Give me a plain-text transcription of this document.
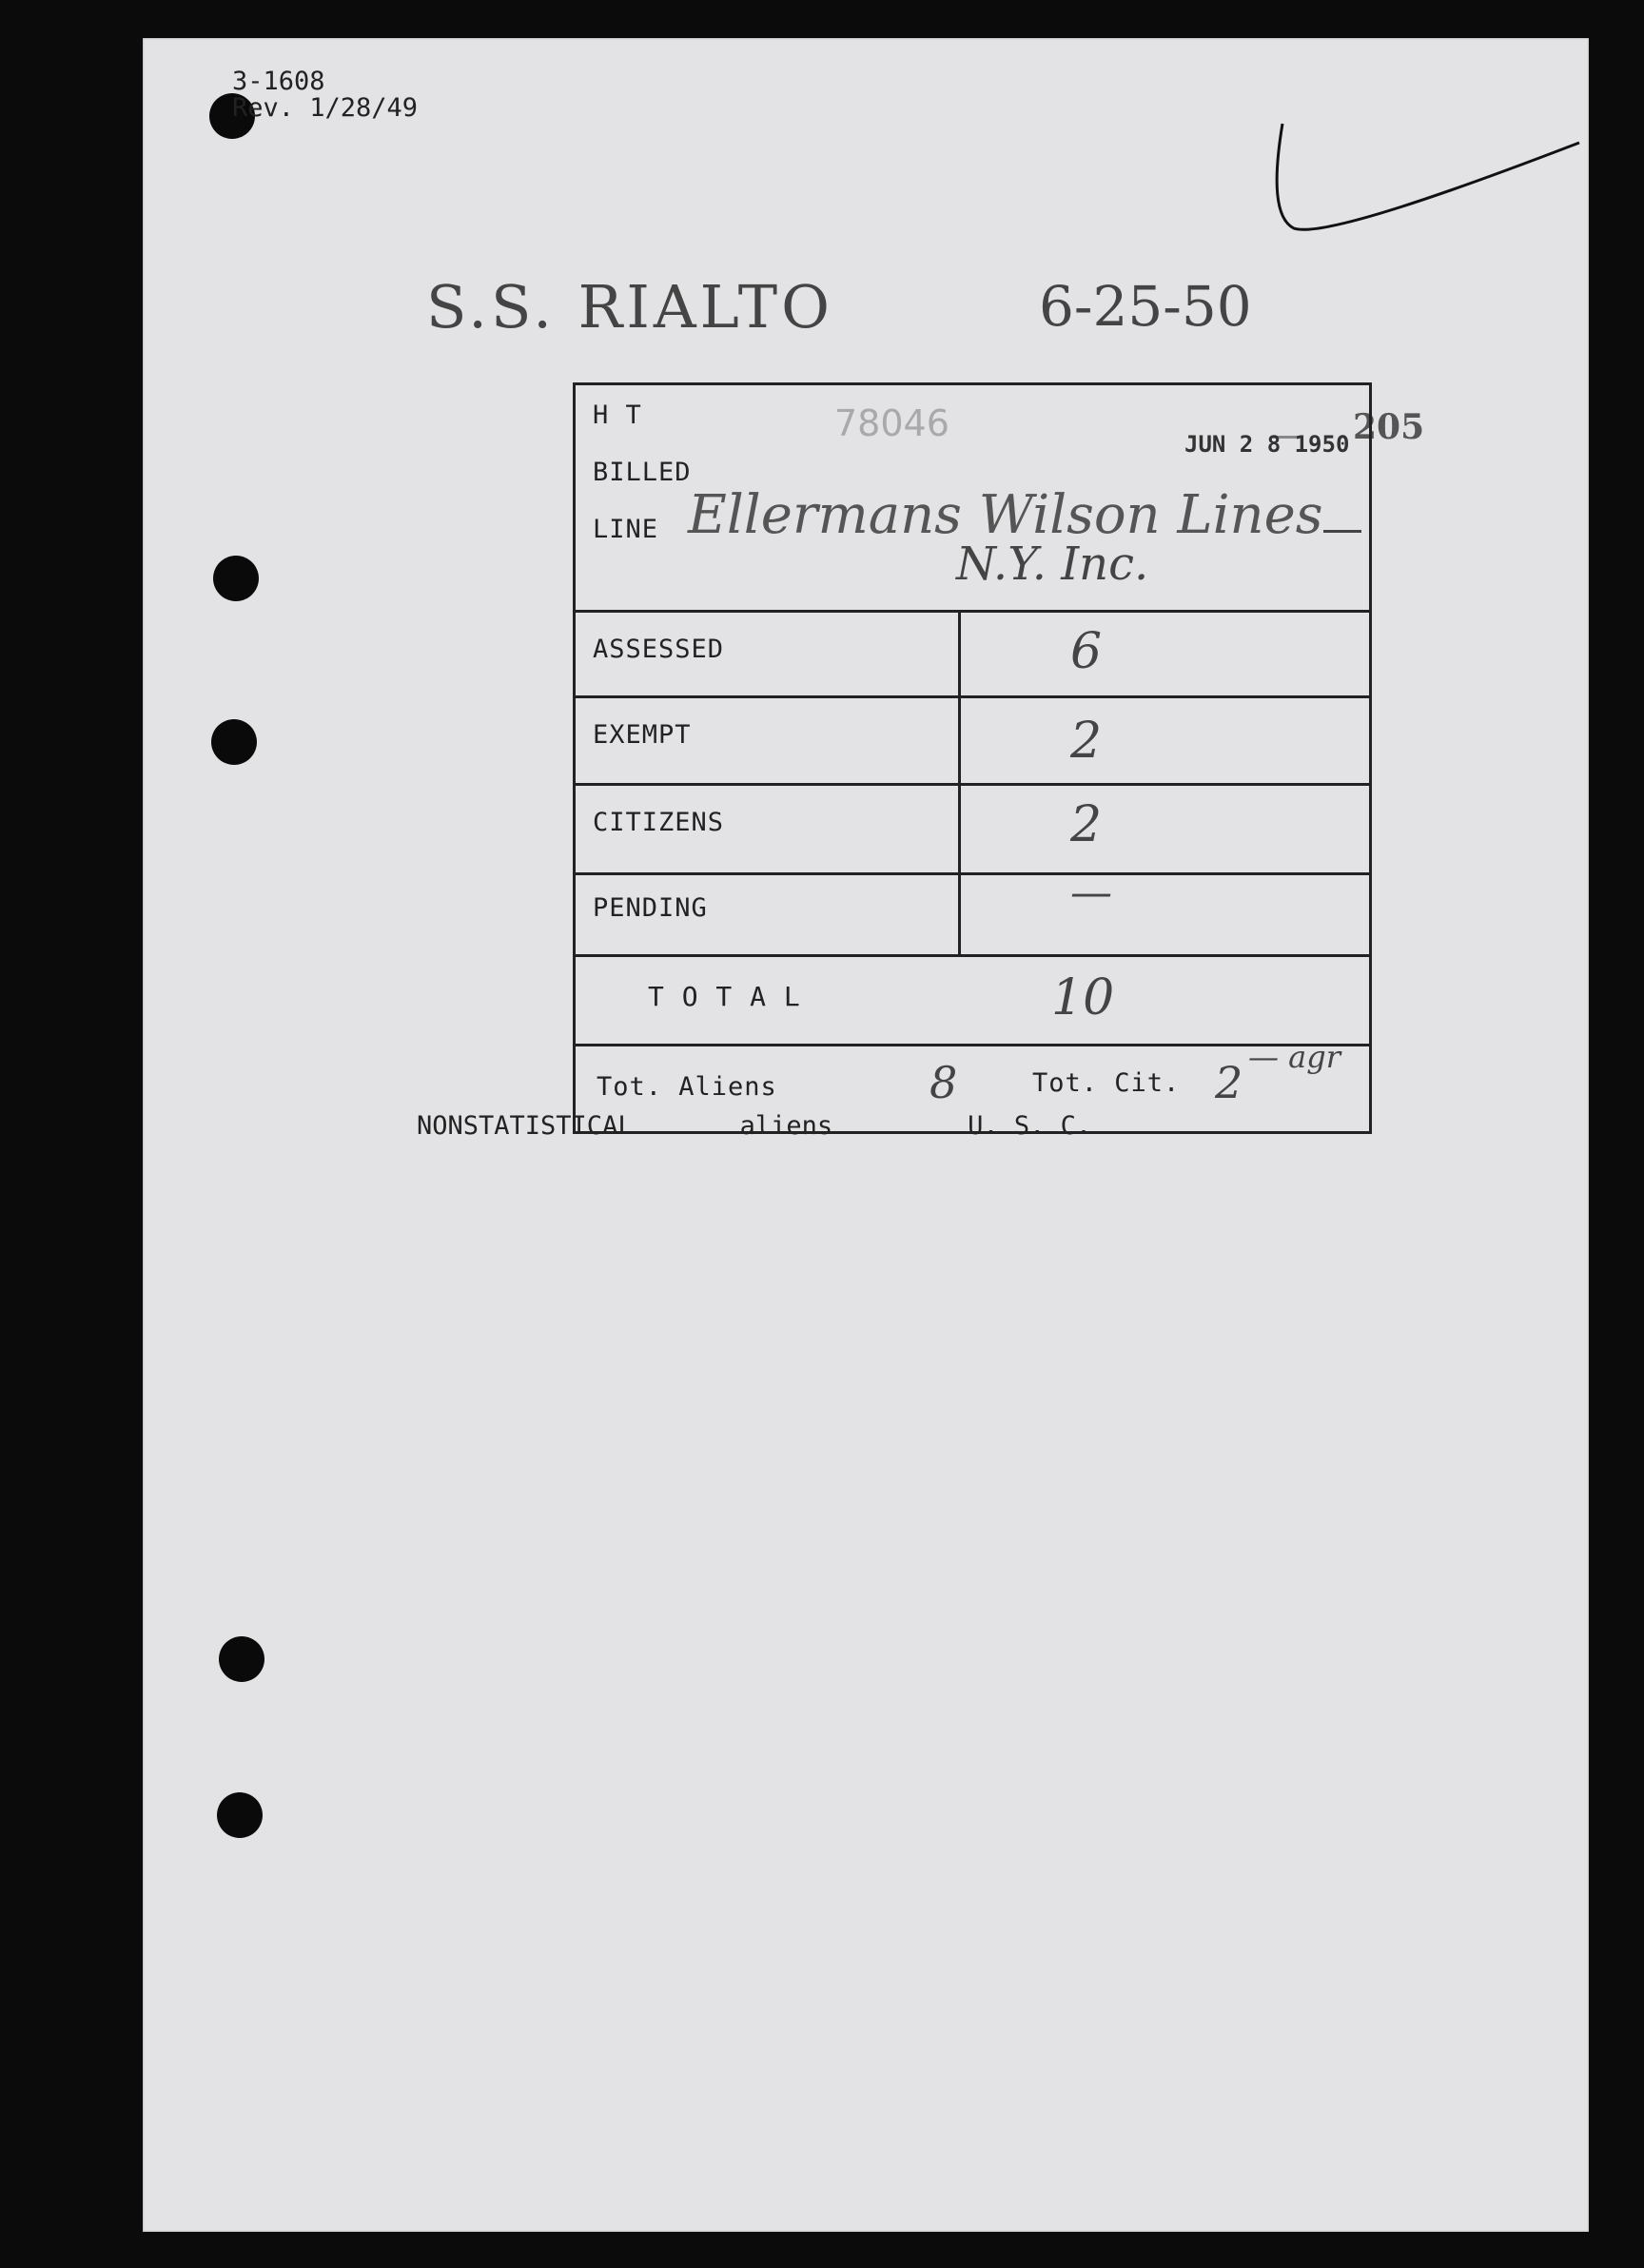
3-1608
Rev. 1/28/49
S.S. RIALTO	6-25-50
205
H T	78046	JUN 2 8 1950
BILLED
LINE Ellermans Wilson Lines
N.Y. Inc.
ASSESSED	6
EXEMPT	2
CITIZENS	2
PENDING	—
T O T A L	10
Tot. Aliens	8	Tot. Cit. 2 — agr
NONSTATISTICAL	aliens	U. S. C.
